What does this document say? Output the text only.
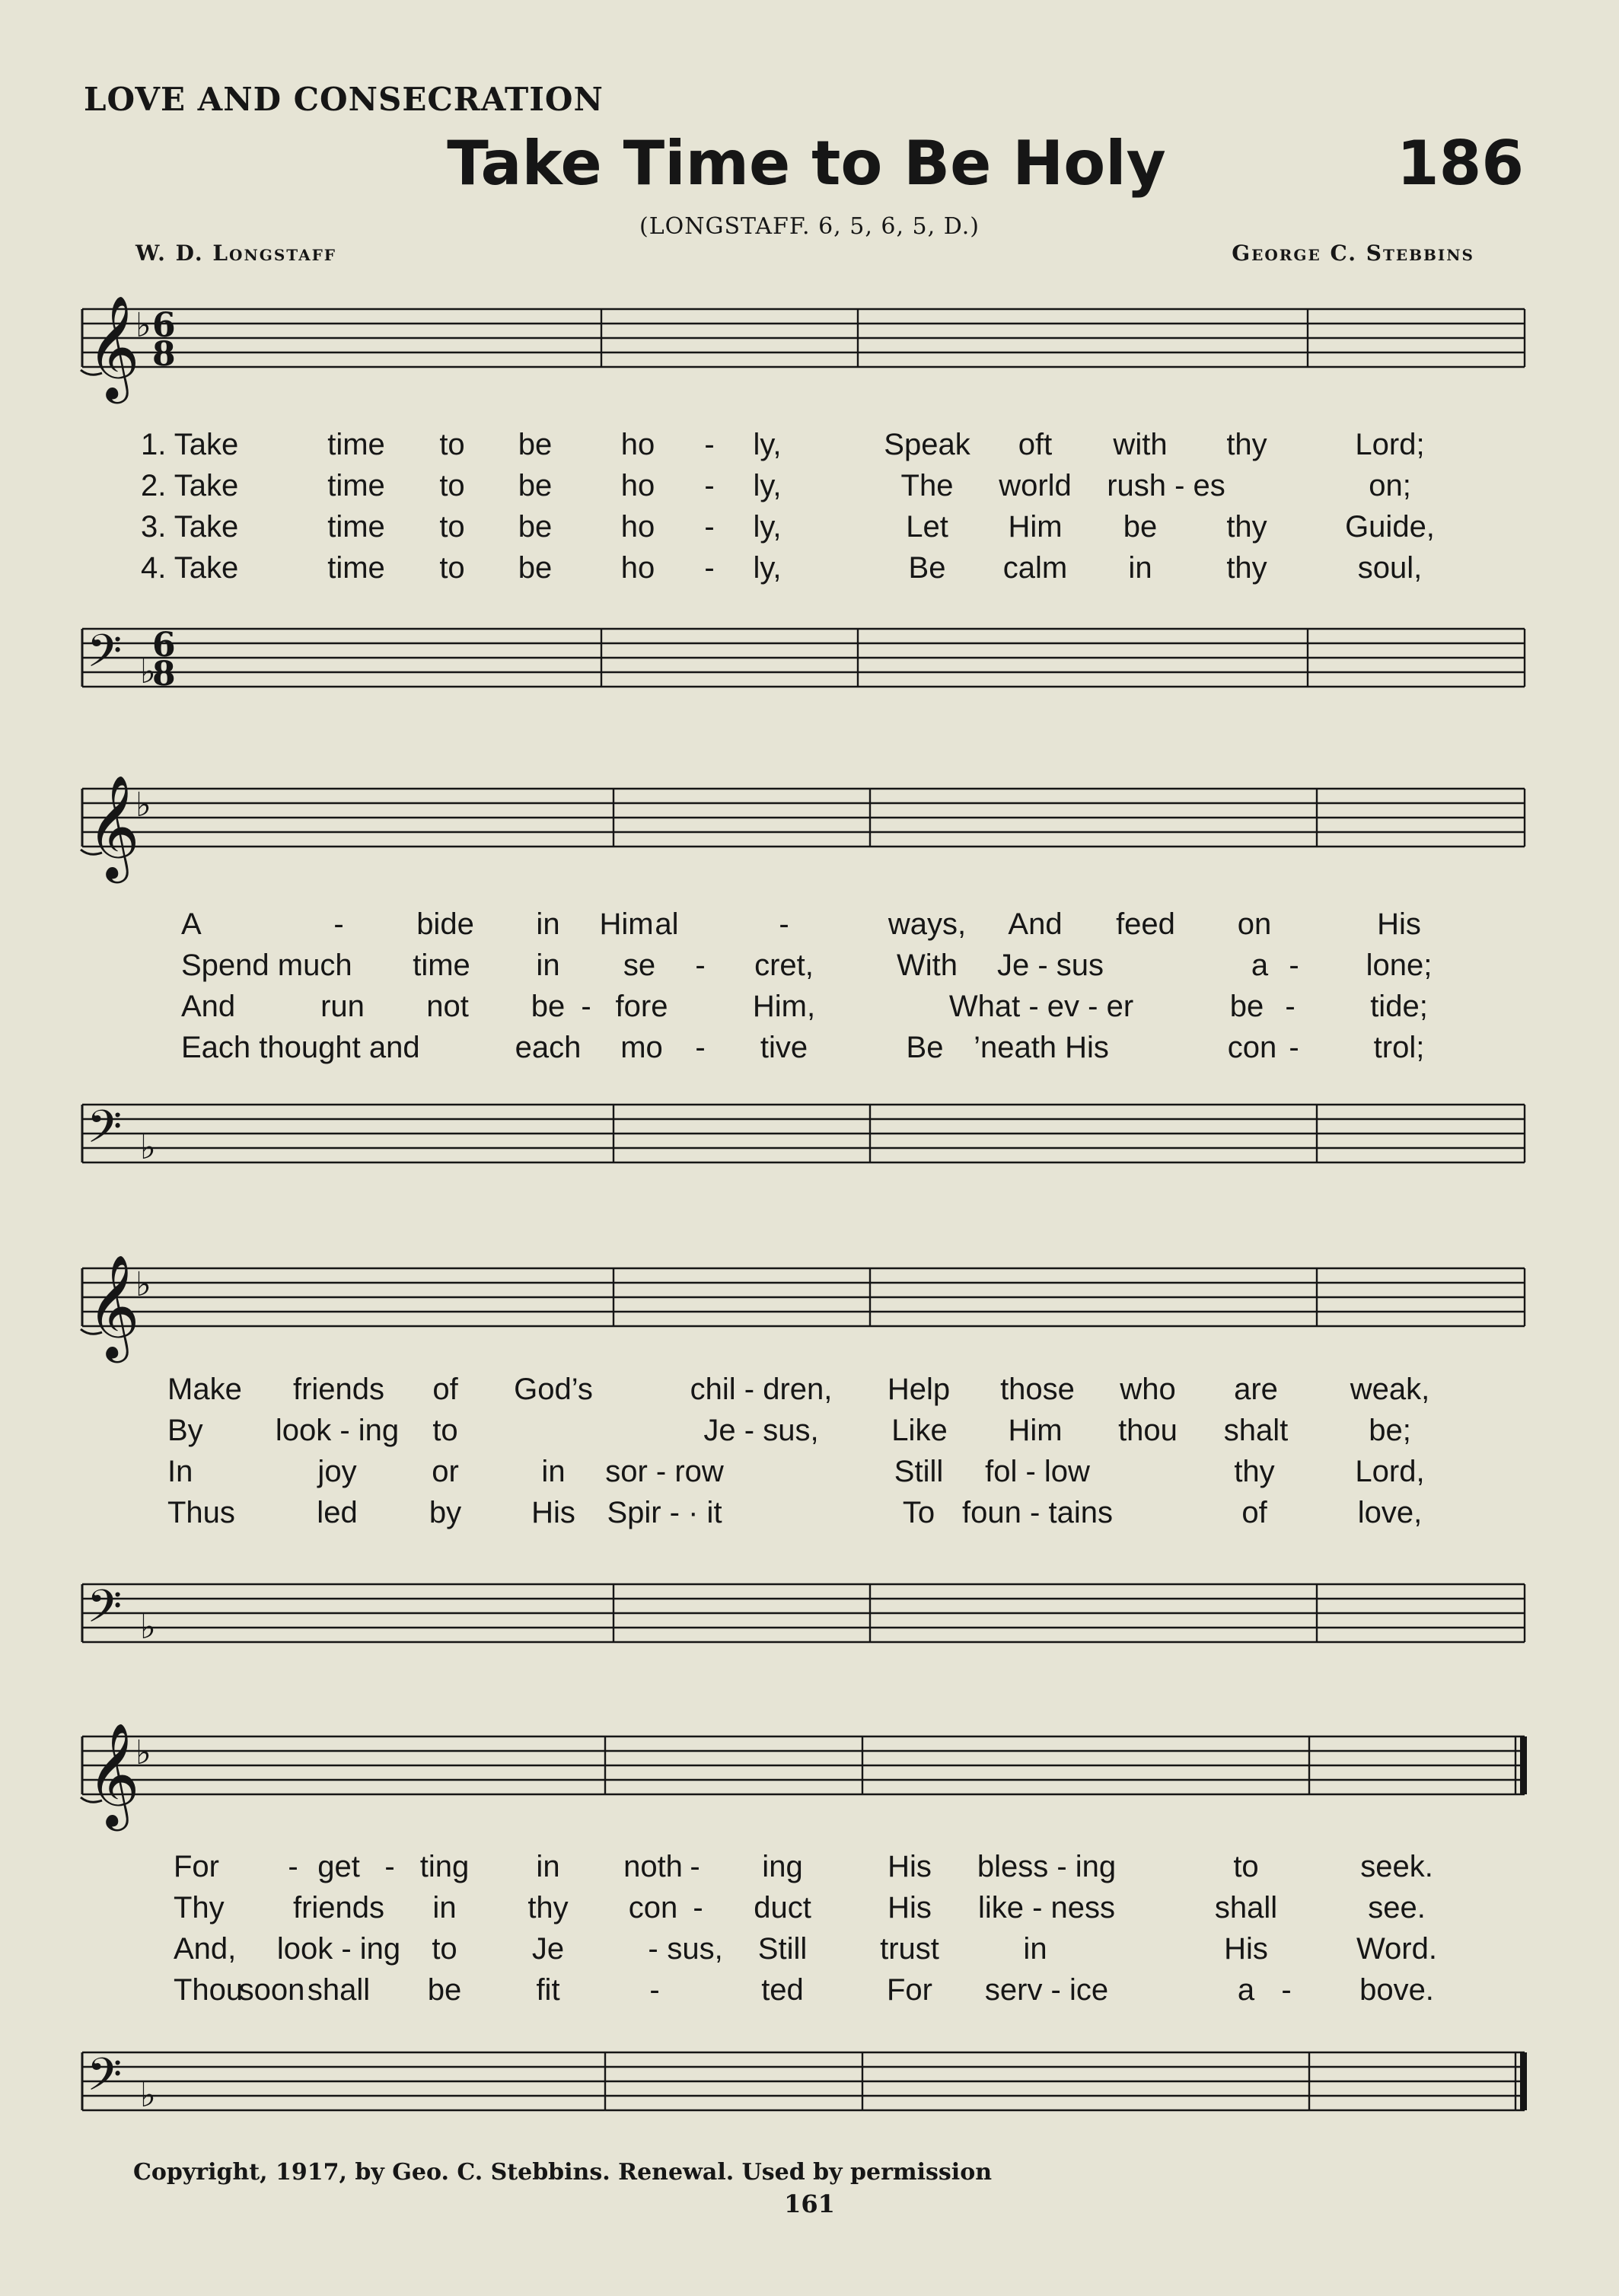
LOVE AND CONSECRATION
Take Time to Be Holy	186
(LONGSTAFF. 6, 5, 6, 5, D.)
W. D. Longstaff	George C. Stebbins
𝄞
♭ 6
8
𝄢 ♭
6
8
𝄞
♭
𝄢 ♭
𝄞
♭
𝄢 ♭
𝄞
♭
𝄢 ♭
1. Take	time to be ho - ly,	Speak oft with thy	Lord;
2. Take	time to be ho - ly,	The world rush - es	on;
3. Take	time to be ho - ly,	Let Him be thy	Guide,
4. Take	time to be ho - ly,	Be calm in thy	soul,
A	- bide in Him al	-	ways, And feed on	His
Spend much time in se - cret,	With Je - sus	a - lone;
And	run not be - fore	Him,	What - ev - er	be - tide;
Each thought and	each mo - tive	Be ’neath His	con - trol;
Make friends of God’s	chil - dren, Help those who are weak,
By look - ing to	Je - sus, Like Him thou shalt	be;
In	joy or	in sor - row	Still fol - low	thy	Lord,
Thus	led by His Spir - · it	To foun - tains	of	love,
For - get - ting in noth - ing	His bless - ing	to	seek.
Thy friends in thy con - duct	His like - ness	shall	see.
And, look - ing to Je	- sus, Still trust	in	His	Word.
Thou
soon shall be fit	-	ted	For serv - ice	a - bove.
Copyright, 1917, by Geo. C. Stebbins. Renewal. Used by permission
161
